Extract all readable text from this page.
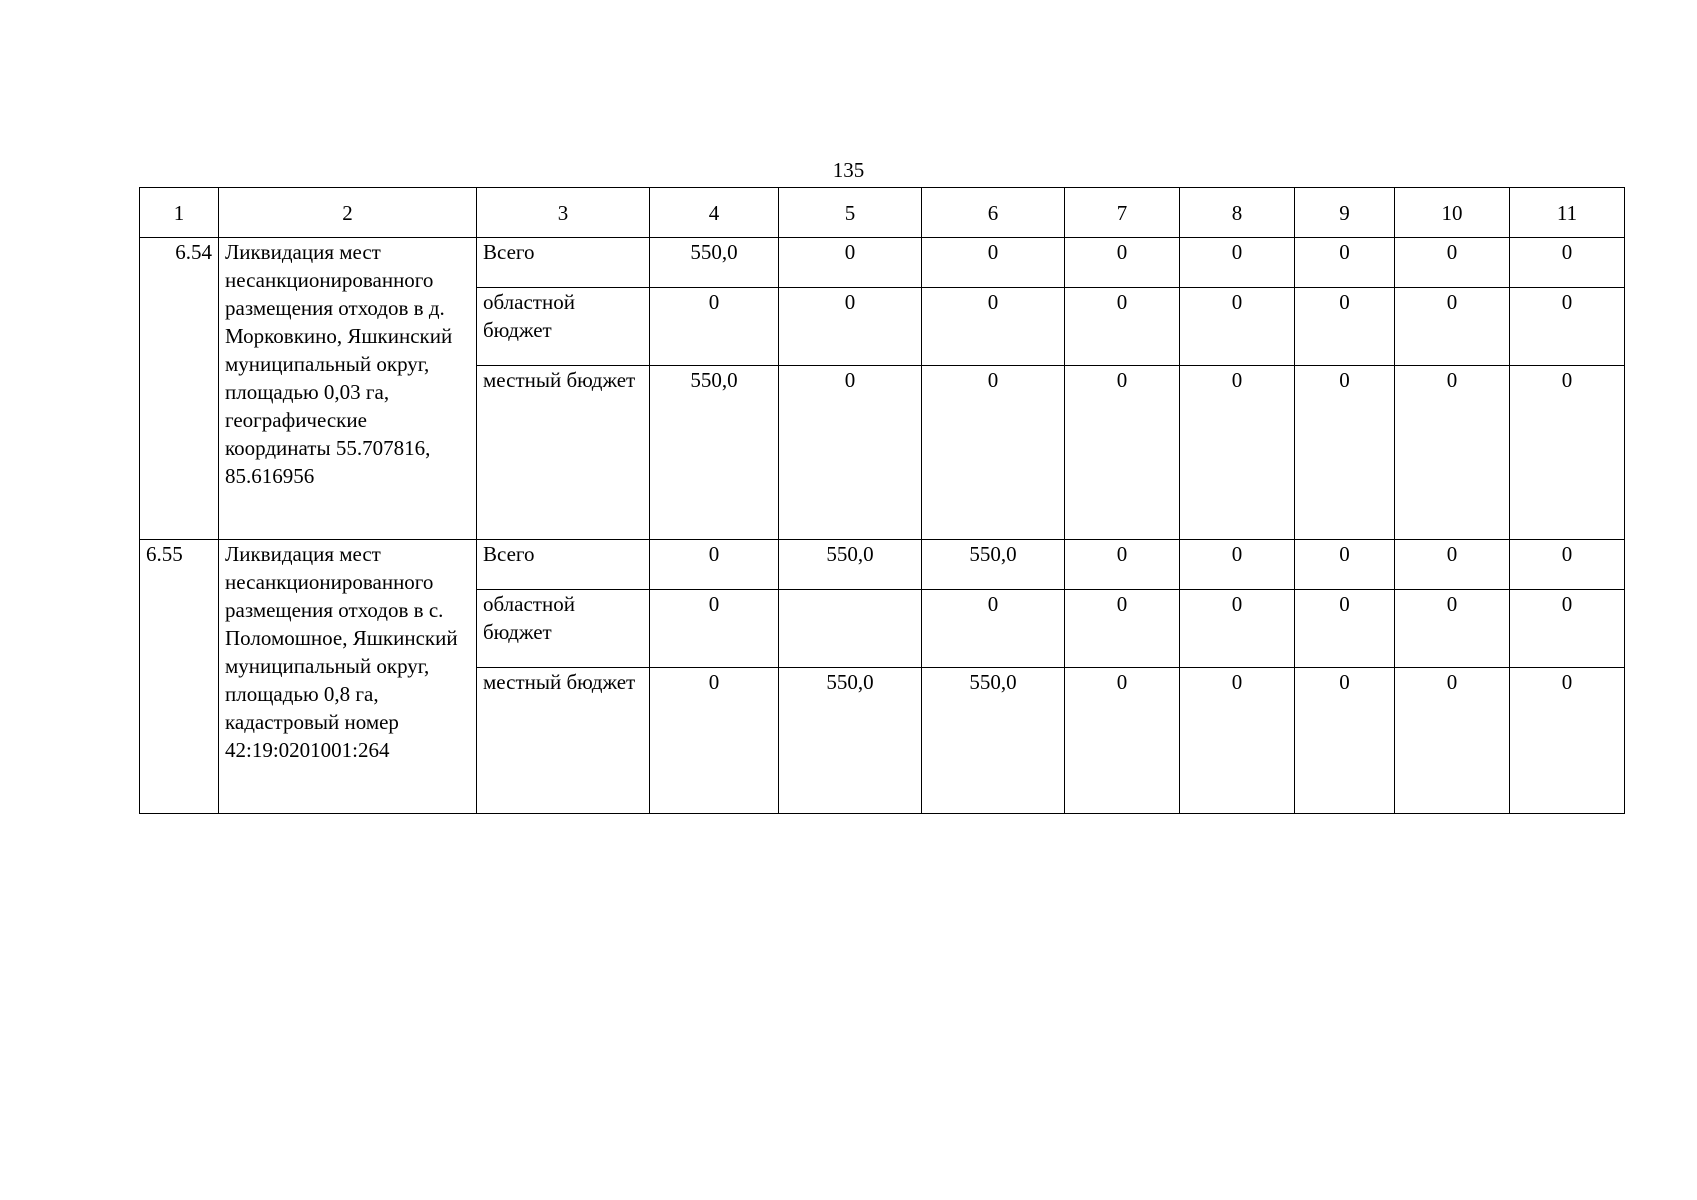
135
1	2	3	4	5	6	7	8	9	10	11
6.54	Ликвидация мест несанкционированного размещения отходов в д. Морковкино, Яшкинский муниципальный округ, площадью 0,03 га, географические координаты 55.707816, 85.616956	Всего	550,0	0	0	0	0	0	0	0
		областной бюджет	0	0	0	0	0	0	0	0
		местный бюджет	550,0	0	0	0	0	0	0	0
6.55	Ликвидация мест несанкционированного размещения отходов в с. Поломошное, Яшкинский муниципальный округ, площадью 0,8 га, кадастровый номер 42:19:0201001:264	Всего	0	550,0	550,0	0	0	0	0	0
		областной бюджет	0		0	0	0	0	0	0
		местный бюджет	0	550,0	550,0	0	0	0	0	0
